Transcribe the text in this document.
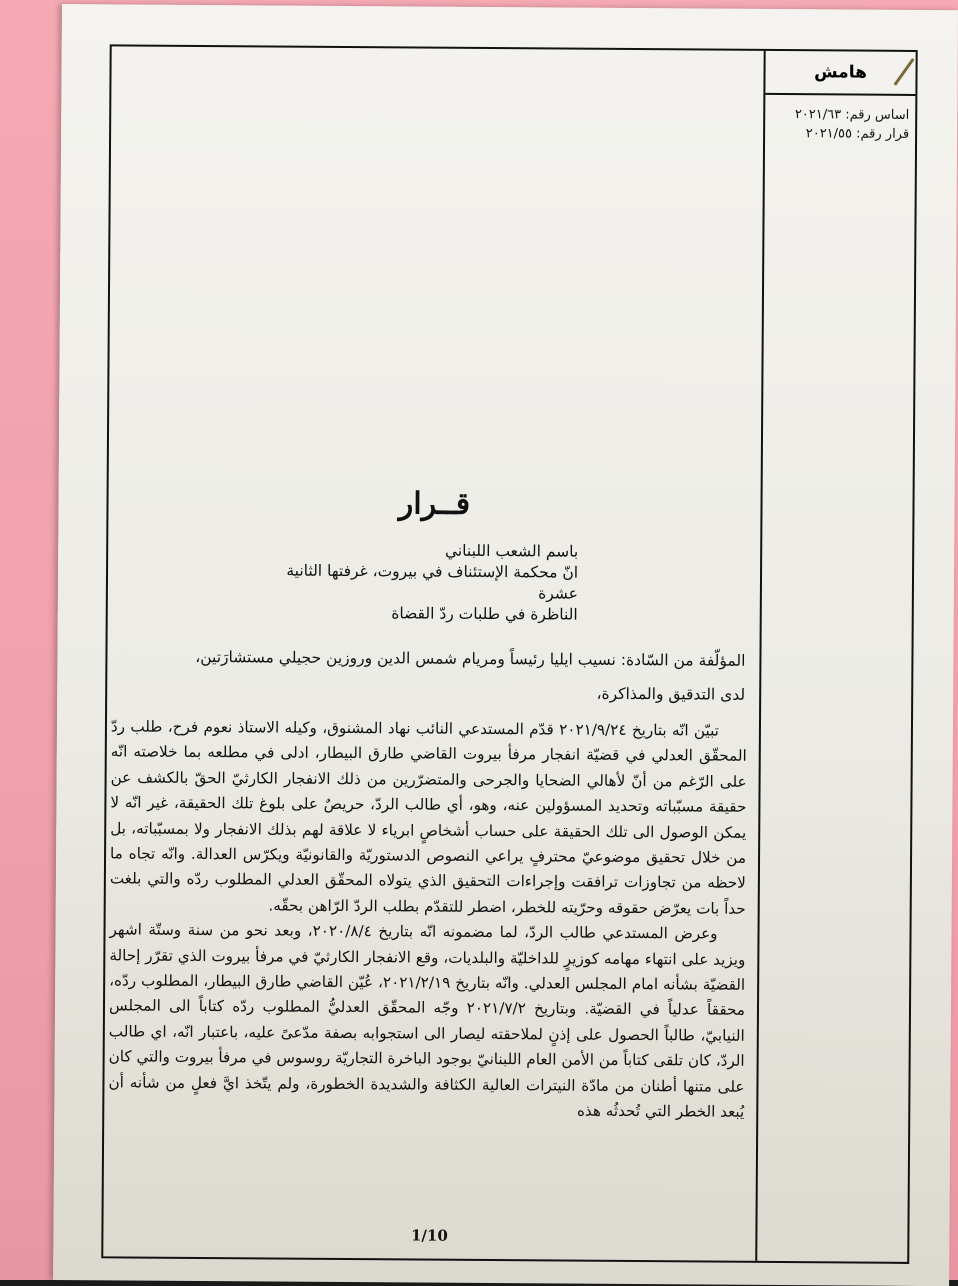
هامش
اساس رقم: ٢٠٢١/٦٣
قرار رقم: ٢٠٢١/٥٥
قــرار
باسم الشعب اللبناني
انّ محكمة الإستئناف في بيروت، غرفتها الثانية عشرة
الناظرة في طلبات ردّ القضاة
المؤلّفة من السّادة: نسيب ايليا رئيساً ومريام شمس الدين وروزين حجيلي مستشارَتين،
لدى التدقيق والمذاكرة،

تبيّن انّه بتاريخ ٢٠٢١/٩/٢٤ قدّم المستدعي النائب نهاد المشنوق، وكيله الاستاذ نعوم فرح، طلب ردّ المحقّق العدلي في قضيّة انفجار مرفأ بيروت القاضي طارق البيطار، ادلى في مطلعه بما خلاصته انّه على الرّغم من أنّ لأهالي الضحايا والجرحى والمتضرّرين من ذلك الانفجار الكارثيّ الحقّ بالكشف عن حقيقة مسبّباته وتحديد المسؤولين عنه، وهو، أي طالب الردّ، حريصٌ على بلوغ تلك الحقيقة، غير انّه لا يمكن الوصول الى تلك الحقيقة على حساب أشخاصٍ ابرياء لا علاقة لهم بذلك الانفجار ولا بمسبّباته، بل من خلال تحقيق موضوعيّ محترفٍ يراعي النصوص الدستوريّة والقانونيّة ويكرّس العدالة. وانّه تجاه ما لاحظه من تجاوزات ترافقت وإجراءات التحقيق الذي يتولاه المحقّق العدلي المطلوب ردّه والتي بلغت حداً بات يعرّض حقوقه وحرّيته للخطر، اضطر للتقدّم بطلب الردّ الرّاهن بحقّه.

وعرض المستدعي طالب الردّ، لما مضمونه انّه بتاريخ ٢٠٢٠/٨/٤، وبعد نحو من سنة وستّة اشهر ويزيد على انتهاء مهامه كوزيرٍ للداخليّة والبلديات، وقع الانفجار الكارثيّ في مرفأ بيروت الذي تقرّر إحالة القضيّة بشأنه امام المجلس العدلي. وانّه بتاريخ ٢٠٢١/٢/١٩، عُيّن القاضي طارق البيطار، المطلوب ردّه، محققاً عدلياً في القضيّة. وبتاريخ ٢٠٢١/٧/٢ وجّه المحقّق العدليُّ المطلوب ردّه كتاباً الى المجلس النيابيّ، طالباً الحصول على إذنٍ لملاحقته ليصار الى استجوابه بصفة مدّعىً عليه، باعتبار انّه، اي طالب الردّ، كان تلقى كتاباً من الأمن العام اللبنانيّ بوجود الباخرة التجاريّة روسوس في مرفأ بيروت والتي كان على متنها أطنان من مادّة النيترات العالية الكثافة والشديدة الخطورة، ولم يتّخذ ايَّ فعلٍ من شأنه أن يُبعد الخطر التي تُحدثُه هذه

1/10
